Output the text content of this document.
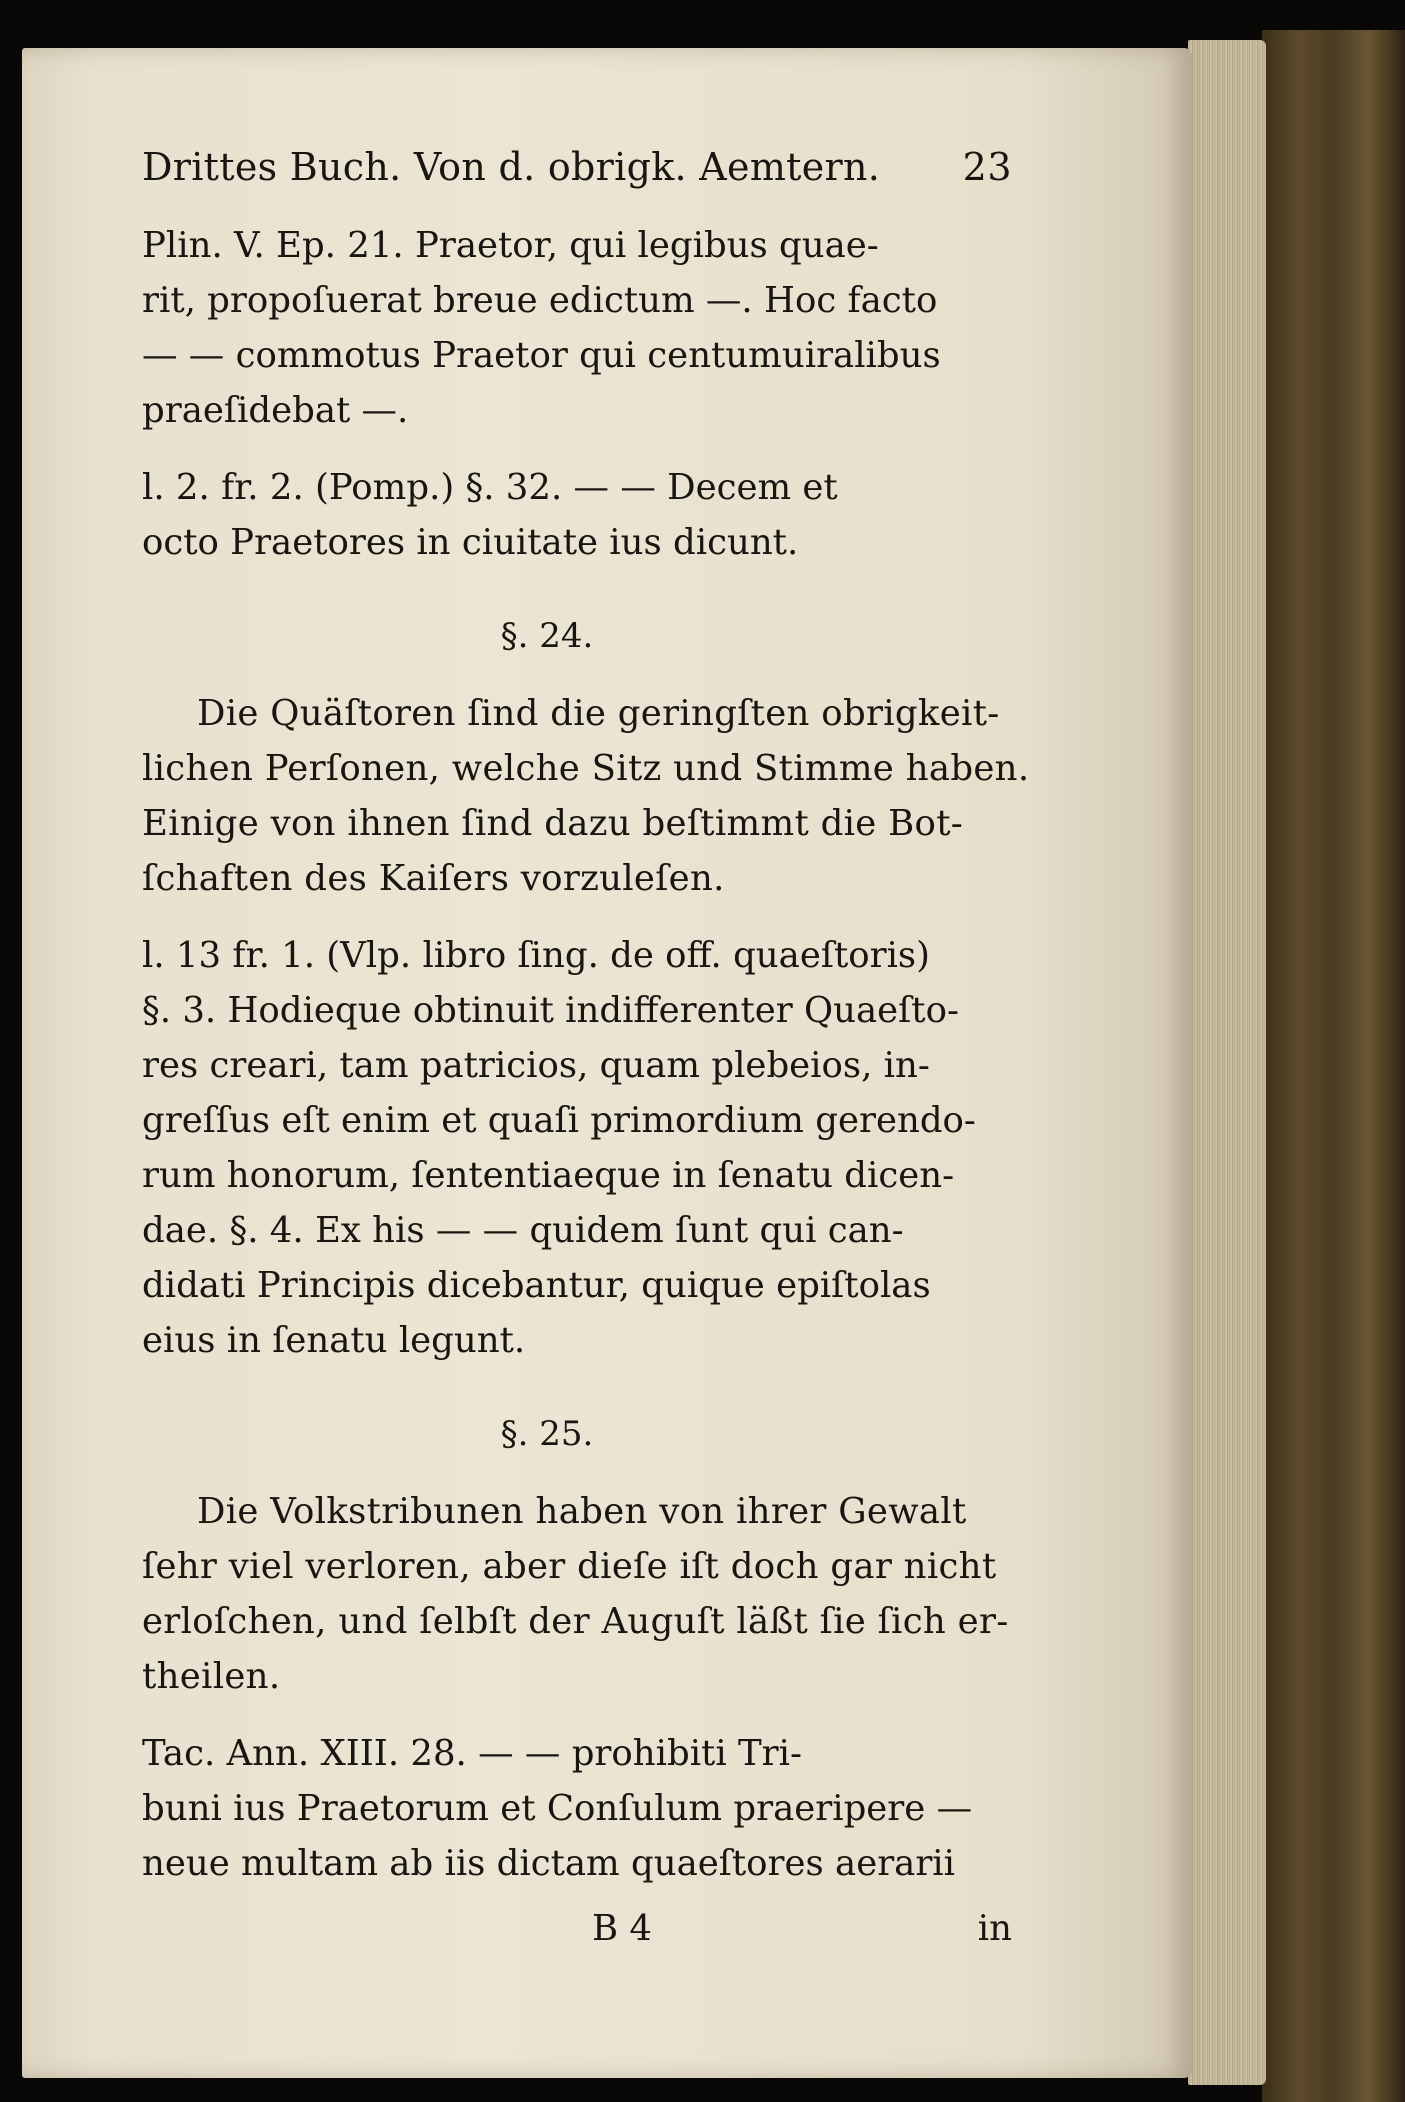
Drittes Buch. Von d. obrigk. Aemtern. 23
Plin. V. Ep. 21. Praetor, qui legibus quae-
rit, propoſuerat breue edictum —. Hoc facto
— — commotus Praetor qui centumuiralibus
praeſidebat —.
l. 2. fr. 2. (Pomp.) §. 32. — — Decem et
octo Praetores in ciuitate ius dicunt.
§. 24.
Die Quäſtoren ſind die geringſten obrigkeit-
lichen Perſonen, welche Sitz und Stimme haben.
Einige von ihnen ſind dazu beſtimmt die Bot-
ſchaften des Kaiſers vorzuleſen.
l. 13 fr. 1. (Vlp. libro ſing. de off. quaeſtoris)
§. 3. Hodieque obtinuit indifferenter Quaeſto-
res creari, tam patricios, quam plebeios, in-
greſſus eſt enim et quaſi primordium gerendo-
rum honorum, ſententiaeque in ſenatu dicen-
dae. §. 4. Ex his — — quidem ſunt qui can-
didati Principis dicebantur, quique epiſtolas
eius in ſenatu legunt.
§. 25.
Die Volkstribunen haben von ihrer Gewalt
ſehr viel verloren, aber dieſe iſt doch gar nicht
erloſchen, und ſelbſt der Auguſt läßt ſie ſich er-
theilen.
Tac. Ann. XIII. 28. — — prohibiti Tri-
buni ius Praetorum et Conſulum praeripere —
neue multam ab iis dictam quaeſtores aerarii
B 4	in
